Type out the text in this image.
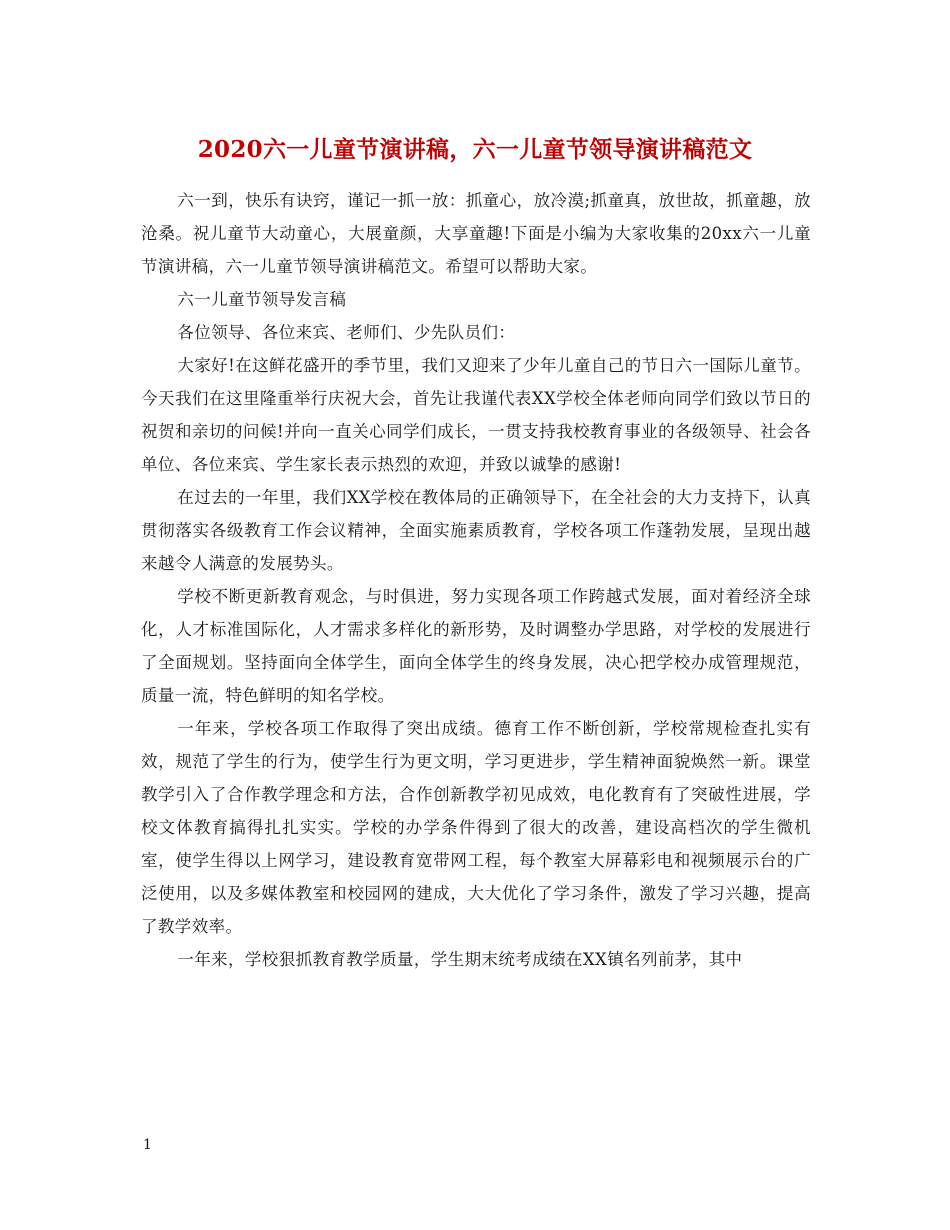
2020六一儿童节演讲稿，六一儿童节领导演讲稿范文

六一到，快乐有诀窍，谨记一抓一放：抓童心，放冷漠;抓童真，放世故，抓童趣，放沧桑。祝儿童节大动童心，大展童颜，大享童趣!下面是小编为大家收集的20xx六一儿童节演讲稿，六一儿童节领导演讲稿范文。希望可以帮助大家。

六一儿童节领导发言稿

各位领导、各位来宾、老师们、少先队员们：

大家好!在这鲜花盛开的季节里，我们又迎来了少年儿童自己的节日六一国际儿童节。今天我们在这里隆重举行庆祝大会，首先让我谨代表XX学校全体老师向同学们致以节日的祝贺和亲切的问候!并向一直关心同学们成长，一贯支持我校教育事业的各级领导、社会各单位、各位来宾、学生家长表示热烈的欢迎，并致以诚挚的感谢!

在过去的一年里，我们XX学校在教体局的正确领导下，在全社会的大力支持下，认真贯彻落实各级教育工作会议精神，全面实施素质教育，学校各项工作蓬勃发展，呈现出越来越令人满意的发展势头。

学校不断更新教育观念，与时俱进，努力实现各项工作跨越式发展，面对着经济全球化，人才标准国际化，人才需求多样化的新形势，及时调整办学思路，对学校的发展进行了全面规划。坚持面向全体学生，面向全体学生的终身发展，决心把学校办成管理规范，质量一流，特色鲜明的知名学校。

一年来，学校各项工作取得了突出成绩。德育工作不断创新，学校常规检查扎实有效，规范了学生的行为，使学生行为更文明，学习更进步，学生精神面貌焕然一新。课堂教学引入了合作教学理念和方法，合作创新教学初见成效，电化教育有了突破性进展，学校文体教育搞得扎扎实实。学校的办学条件得到了很大的改善，建设高档次的学生微机室，使学生得以上网学习，建设教育宽带网工程，每个教室大屏幕彩电和视频展示台的广泛使用，以及多媒体教室和校园网的建成，大大优化了学习条件，激发了学习兴趣，提高了教学效率。

一年来，学校狠抓教育教学质量，学生期末统考成绩在XX镇名列前茅，其中

1
